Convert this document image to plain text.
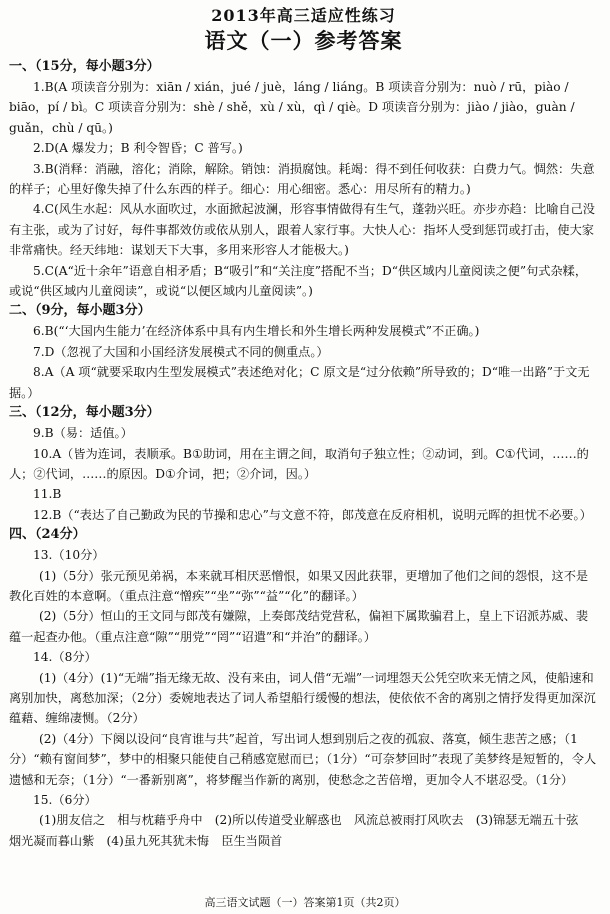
2013年高三适应性练习
语文（一）参考答案
一、（15分，每小题3分）

1.B(A 项读音分别为：xiān / xián，jué / juè，láng / liáng。B 项读音分别为：nuò / rū，piào / biāo，pí / bì。C 项读音分别为：shè / shě，xù / xù，qì / qiè。D 项读音分别为：jiào / jiào，guàn / guǎn，chù / qū。)

2.D(A 爆发力；B 利令智昏；C 普写。)

3.B(消释：消融，溶化；消除，解除。销蚀：消损腐蚀。耗竭：得不到任何收获：白费力气。惆然：失意的样子；心里好像失掉了什么东西的样子。细心：用心细密。悉心：用尽所有的精力。)

4.C(风生水起：风从水面吹过，水面掀起波澜，形容事情做得有生气，蓬勃兴旺。亦步亦趋：比喻自己没有主张，或为了讨好，每件事都效仿或依从别人，跟着人家行事。大快人心：指坏人受到惩罚或打击，使大家非常痛快。经天纬地：谋划天下大事，多用来形容人才能极大。)

5.C(A“近十余年”语意自相矛盾；B“吸引”和“关注度”搭配不当；D“供区域内儿童阅读之便”句式杂糅，或说“供区域内儿童阅读”，或说“以便区域内儿童阅读”。)

二、（9分，每小题3分）

6.B(“‘大国内生能力’在经济体系中具有内生增长和外生增长两种发展模式”不正确。)

7.D（忽视了大国和小国经济发展模式不同的侧重点。）

8.A（A 项“就要采取内生型发展模式”表述绝对化；C 原文是“过分依赖”所导致的；D“唯一出路”于文无据。）

三、（12分，每小题3分）

9.B（易：适值。）

10.A（皆为连词，表顺承。B①助词，用在主谓之间，取消句子独立性；②动词，到。C①代词，……的人；②代词，……的原因。D①介词，把；②介词，因。）

11.B

12.B（“表达了自己勤政为民的节操和忠心”与文意不符，郎茂意在反府相机，说明元晖的担忧不必要。）

四、（24分）

13.（10分）

(1)（5分）张元预见弟祸，本来就耳相厌恶憎恨，如果又因此获罪，更增加了他们之间的怨恨，这不是教化百姓的本意啊。（重点注意“憎疾”“坐”“弥”“益”“化”的翻译。）

(2)（5分）恒山的王文同与郎茂有嫌隙，上奏郎茂结党营私，偏袒下属欺骗君上，皇上下诏派苏威、裴蕴一起查办他。（重点注意“隙”“朋党”“罔”“诏遣”和“并治”的翻译。）

14.（8分）

(1)（4分）(1)“无端”指无缘无故、没有来由，词人借“无端”一词埋怨天公凭空吹来无情之风，使船速和离别加快，离愁加深；（2分）委婉地表达了词人希望船行缓慢的想法，使依依不舍的离别之情抒发得更加深沉蕴藉、缠绵凄恻。（2分）

(2)（4分）下阕以设问“良宵谁与共”起首，写出词人想到别后之夜的孤寂、落寞，倾生悲苦之感；（1分）“赖有窗间梦”，梦中的相聚只能使自己稍感宽慰而已；（1分）“可奈梦回时”表现了美梦终是短暂的，令人遗憾和无奈；（1分）“一番新别离”，将梦醒当作新的离别，使愁念之苦倍增，更加令人不堪忍受。（1分）

15.（6分）

(1)朋友信之　相与枕藉乎舟中　(2)所以传道受业解惑也　风流总被雨打风吹去　(3)锦瑟无端五十弦　烟光凝而暮山紫　(4)虽九死其犹未悔　臣生当陨首

高三语文试题（一）答案第1页（共2页）
